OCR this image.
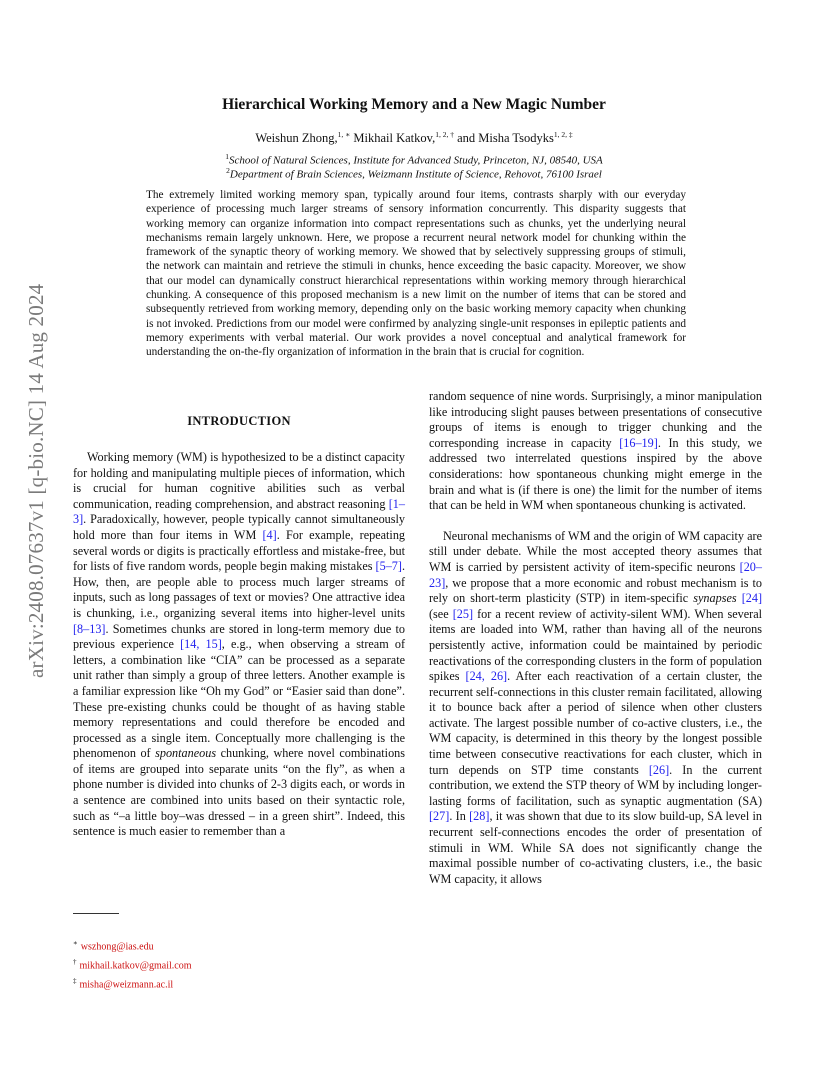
arXiv:2408.07637v1 [q-bio.NC] 14 Aug 2024
Hierarchical Working Memory and a New Magic Number
Weishun Zhong,$^{1, ∗}$ Mikhail Katkov,$^{1, 2, \dagger}$ and Misha Tsodyks$^{1, 2, \ddagger}$
$^1$School of Natural Sciences, Institute for Advanced Study, Princeton, NJ, 08540, USA
$^2$Department of Brain Sciences, Weizmann Institute of Science, Rehovot, 76100 Israel
The extremely limited working memory span, typically around four items, contrasts sharply with our everyday experience of processing much larger streams of sensory information concurrently. This disparity suggests that working memory can organize information into compact representations such as chunks, yet the underlying neural mechanisms remain largely unknown. Here, we propose a recurrent neural network model for chunking within the framework of the synaptic theory of working memory. We showed that by selectively suppressing groups of stimuli, the network can maintain and retrieve the stimuli in chunks, hence exceeding the basic capacity. Moreover, we show that our model can dynamically construct hierarchical representations within working memory through hierarchical chunking. A consequence of this proposed mechanism is a new limit on the number of items that can be stored and subsequently retrieved from working memory, depending only on the basic working memory capacity when chunking is not invoked. Predictions from our model were confirmed by analyzing single-unit responses in epileptic patients and memory experiments with verbal material. Our work provides a novel conceptual and analytical framework for understanding the on-the-fly organization of information in the brain that is crucial for cognition.
INTRODUCTION

Working memory (WM) is hypothesized to be a distinct capacity for holding and manipulating multiple pieces of information, which is crucial for human cognitive abilities such as verbal communication, reading comprehension, and abstract reasoning [1–3]. Paradoxically, however, people typically cannot simultaneously hold more than four items in WM [4]. For example, repeating several words or digits is practically effortless and mistake-free, but for lists of five random words, people begin making mistakes [5–7]. How, then, are people able to process much larger streams of inputs, such as long passages of text or movies? One attractive idea is chunking, i.e., organizing several items into higher-level units [8–13]. Sometimes chunks are stored in long-term memory due to previous experience [14, 15], e.g., when observing a stream of letters, a combination like “CIA” can be processed as a separate unit rather than simply a group of three letters. Another example is a familiar expression like “Oh my God” or “Easier said than done”. These pre-existing chunks could be thought of as having stable memory representations and could therefore be encoded and processed as a single item. Conceptually more challenging is the phenomenon of spontaneous chunking, where novel combinations of items are grouped into separate units “on the fly”, as when a phone number is divided into chunks of 2-3 digits each, or words in a sentence are combined into units based on their syntactic role, such as “–a little boy–was dressed – in a green shirt”. Indeed, this sentence is much easier to remember than a

random sequence of nine words. Surprisingly, a minor manipulation like introducing slight pauses between presentations of consecutive groups of items is enough to trigger chunking and the corresponding increase in capacity [16–19]. In this study, we addressed two interrelated questions inspired by the above considerations: how spontaneous chunking might emerge in the brain and what is (if there is one) the limit for the number of items that can be held in WM when spontaneous chunking is activated.

Neuronal mechanisms of WM and the origin of WM capacity are still under debate. While the most accepted theory assumes that WM is carried by persistent activity of item-specific neurons [20–23], we propose that a more economic and robust mechanism is to rely on short-term plasticity (STP) in item-specific synapses [24] (see [25] for a recent review of activity-silent WM). When several items are loaded into WM, rather than having all of the neurons persistently active, information could be maintained by periodic reactivations of the corresponding clusters in the form of population spikes [24, 26]. After each reactivation of a certain cluster, the recurrent self-connections in this cluster remain facilitated, allowing it to bounce back after a period of silence when other clusters activate. The largest possible number of co-active clusters, i.e., the WM capacity, is determined in this theory by the longest possible time between consecutive reactivations for each cluster, which in turn depends on STP time constants [26]. In the current contribution, we extend the STP theory of WM by including longer-lasting forms of facilitation, such as synaptic augmentation (SA) [27]. In [28], it was shown that due to its slow build-up, SA level in recurrent self-connections encodes the order of presentation of stimuli in WM. While SA does not significantly change the maximal possible number of co-activating clusters, i.e., the basic WM capacity, it allows

∗ wszhong@ias.edu
† mikhail.katkov@gmail.com
‡ misha@weizmann.ac.il
